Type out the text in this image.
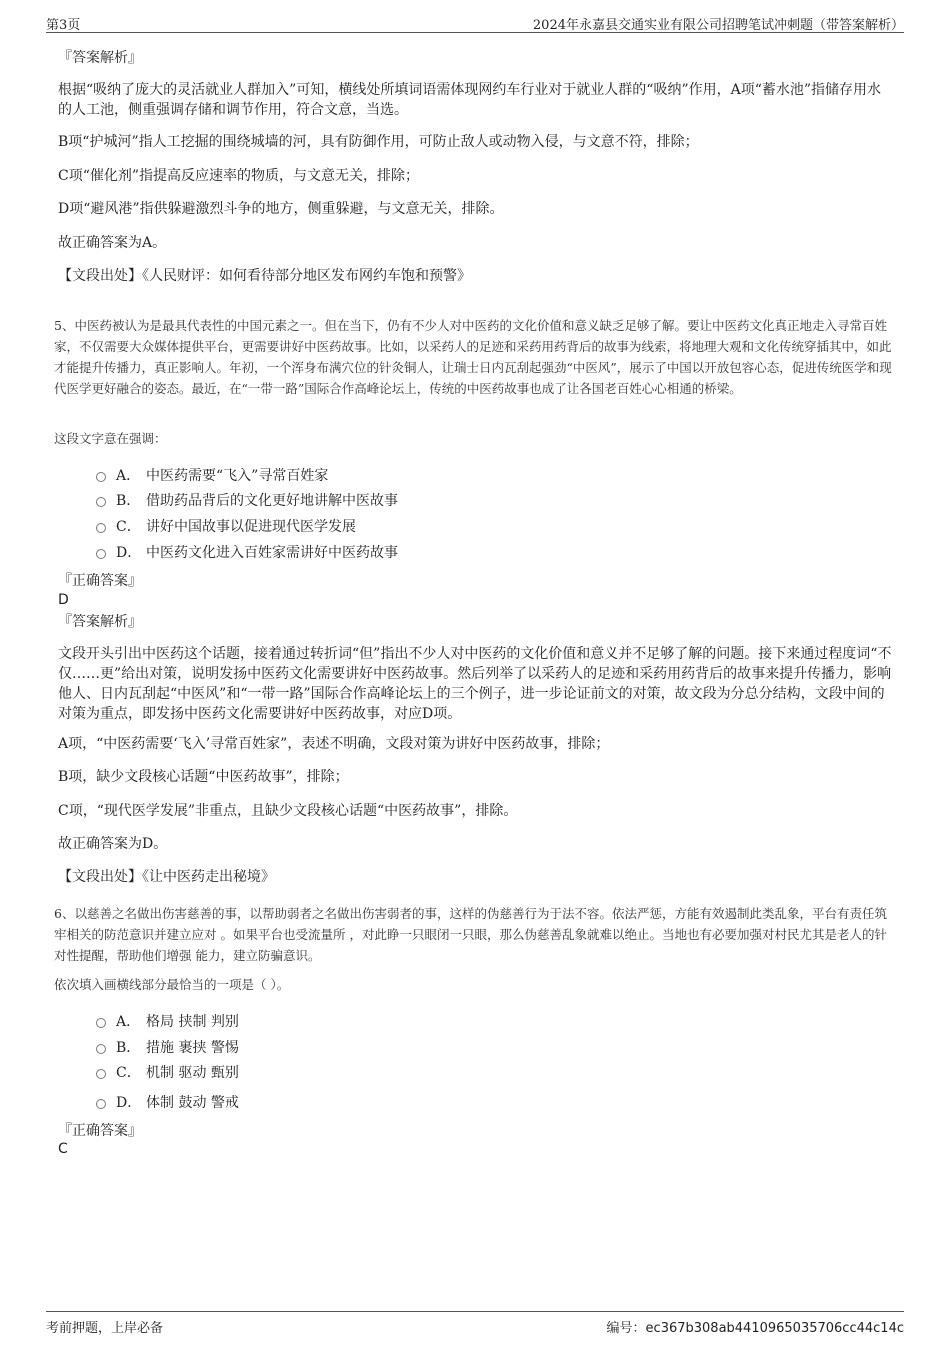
第3页	2024年永嘉县交通实业有限公司招聘笔试冲刺题（带答案解析）
『答案解析』
根据“吸纳了庞大的灵活就业人群加入”可知，横线处所填词语需体现网约车行业对于就业人群的“吸纳”作用，A项“蓄水池”指储存用水的人工池，侧重强调存储和调节作用，符合文意，当选。
B项“护城河”指人工挖掘的围绕城墙的河，具有防御作用，可防止敌人或动物入侵，与文意不符，排除；
C项“催化剂”指提高反应速率的物质，与文意无关，排除；
D项“避风港”指供躲避激烈斗争的地方，侧重躲避，与文意无关，排除。
故正确答案为A。
【文段出处】《人民财评：如何看待部分地区发布网约车饱和预警》
5、中医药被认为是最具代表性的中国元素之一。但在当下，仍有不少人对中医药的文化价值和意义缺乏足够了解。要让中医药文化真正地走入寻常百姓家，不仅需要大众媒体提供平台，更需要讲好中医药故事。比如，以采药人的足迹和采药用药背后的故事为线索，将地理大观和文化传统穿插其中，如此才能提升传播力，真正影响人。年初，一个浑身布满穴位的针灸铜人，让瑞士日内瓦刮起强劲“中医风”，展示了中国以开放包容心态，促进传统医学和现代医学更好融合的姿态。最近，在“一带一路”国际合作高峰论坛上，传统的中医药故事也成了让各国老百姓心心相通的桥梁。
这段文字意在强调：
A． 中医药需要“飞入”寻常百姓家
B． 借助药品背后的文化更好地讲解中医故事
C． 讲好中国故事以促进现代医学发展
D． 中医药文化进入百姓家需讲好中医药故事
『正确答案』
D
『答案解析』
文段开头引出中医药这个话题，接着通过转折词“但”指出不少人对中医药的文化价值和意义并不足够了解的问题。接下来通过程度词“不仅……更”给出对策，说明发扬中医药文化需要讲好中医药故事。然后列举了以采药人的足迹和采药用药背后的故事来提升传播力，影响他人、日内瓦刮起“中医风”和“一带一路”国际合作高峰论坛上的三个例子，进一步论证前文的对策，故文段为分总分结构，文段中间的对策为重点，即发扬中医药文化需要讲好中医药故事，对应D项。
A项，“中医药需要‘飞入’寻常百姓家”，表述不明确，文段对策为讲好中医药故事，排除；
B项，缺少文段核心话题“中医药故事”，排除；
C项，“现代医学发展”非重点，且缺少文段核心话题“中医药故事”，排除。
故正确答案为D。
【文段出处】《让中医药走出秘境》
6、以慈善之名做出伤害慈善的事，以帮助弱者之名做出伤害弱者的事，这样的伪慈善行为于法不容。依法严惩，方能有效遏制此类乱象，平台有责任筑牢相关的防范意识并建立应对 。如果平台也受流量所 ，对此睁一只眼闭一只眼，那么伪慈善乱象就难以绝止。当地也有必要加强对村民尤其是老人的针对性提醒，帮助他们增强 能力，建立防骗意识。
依次填入画横线部分最恰当的一项是（ ）。
A． 格局 挟制 判别
B． 措施 裹挟 警惕
C． 机制 驱动 甄别
D． 体制 鼓动 警戒
『正确答案』
C
考前押题，上岸必备	编号：ec367b308ab4410965035706cc44c14c
